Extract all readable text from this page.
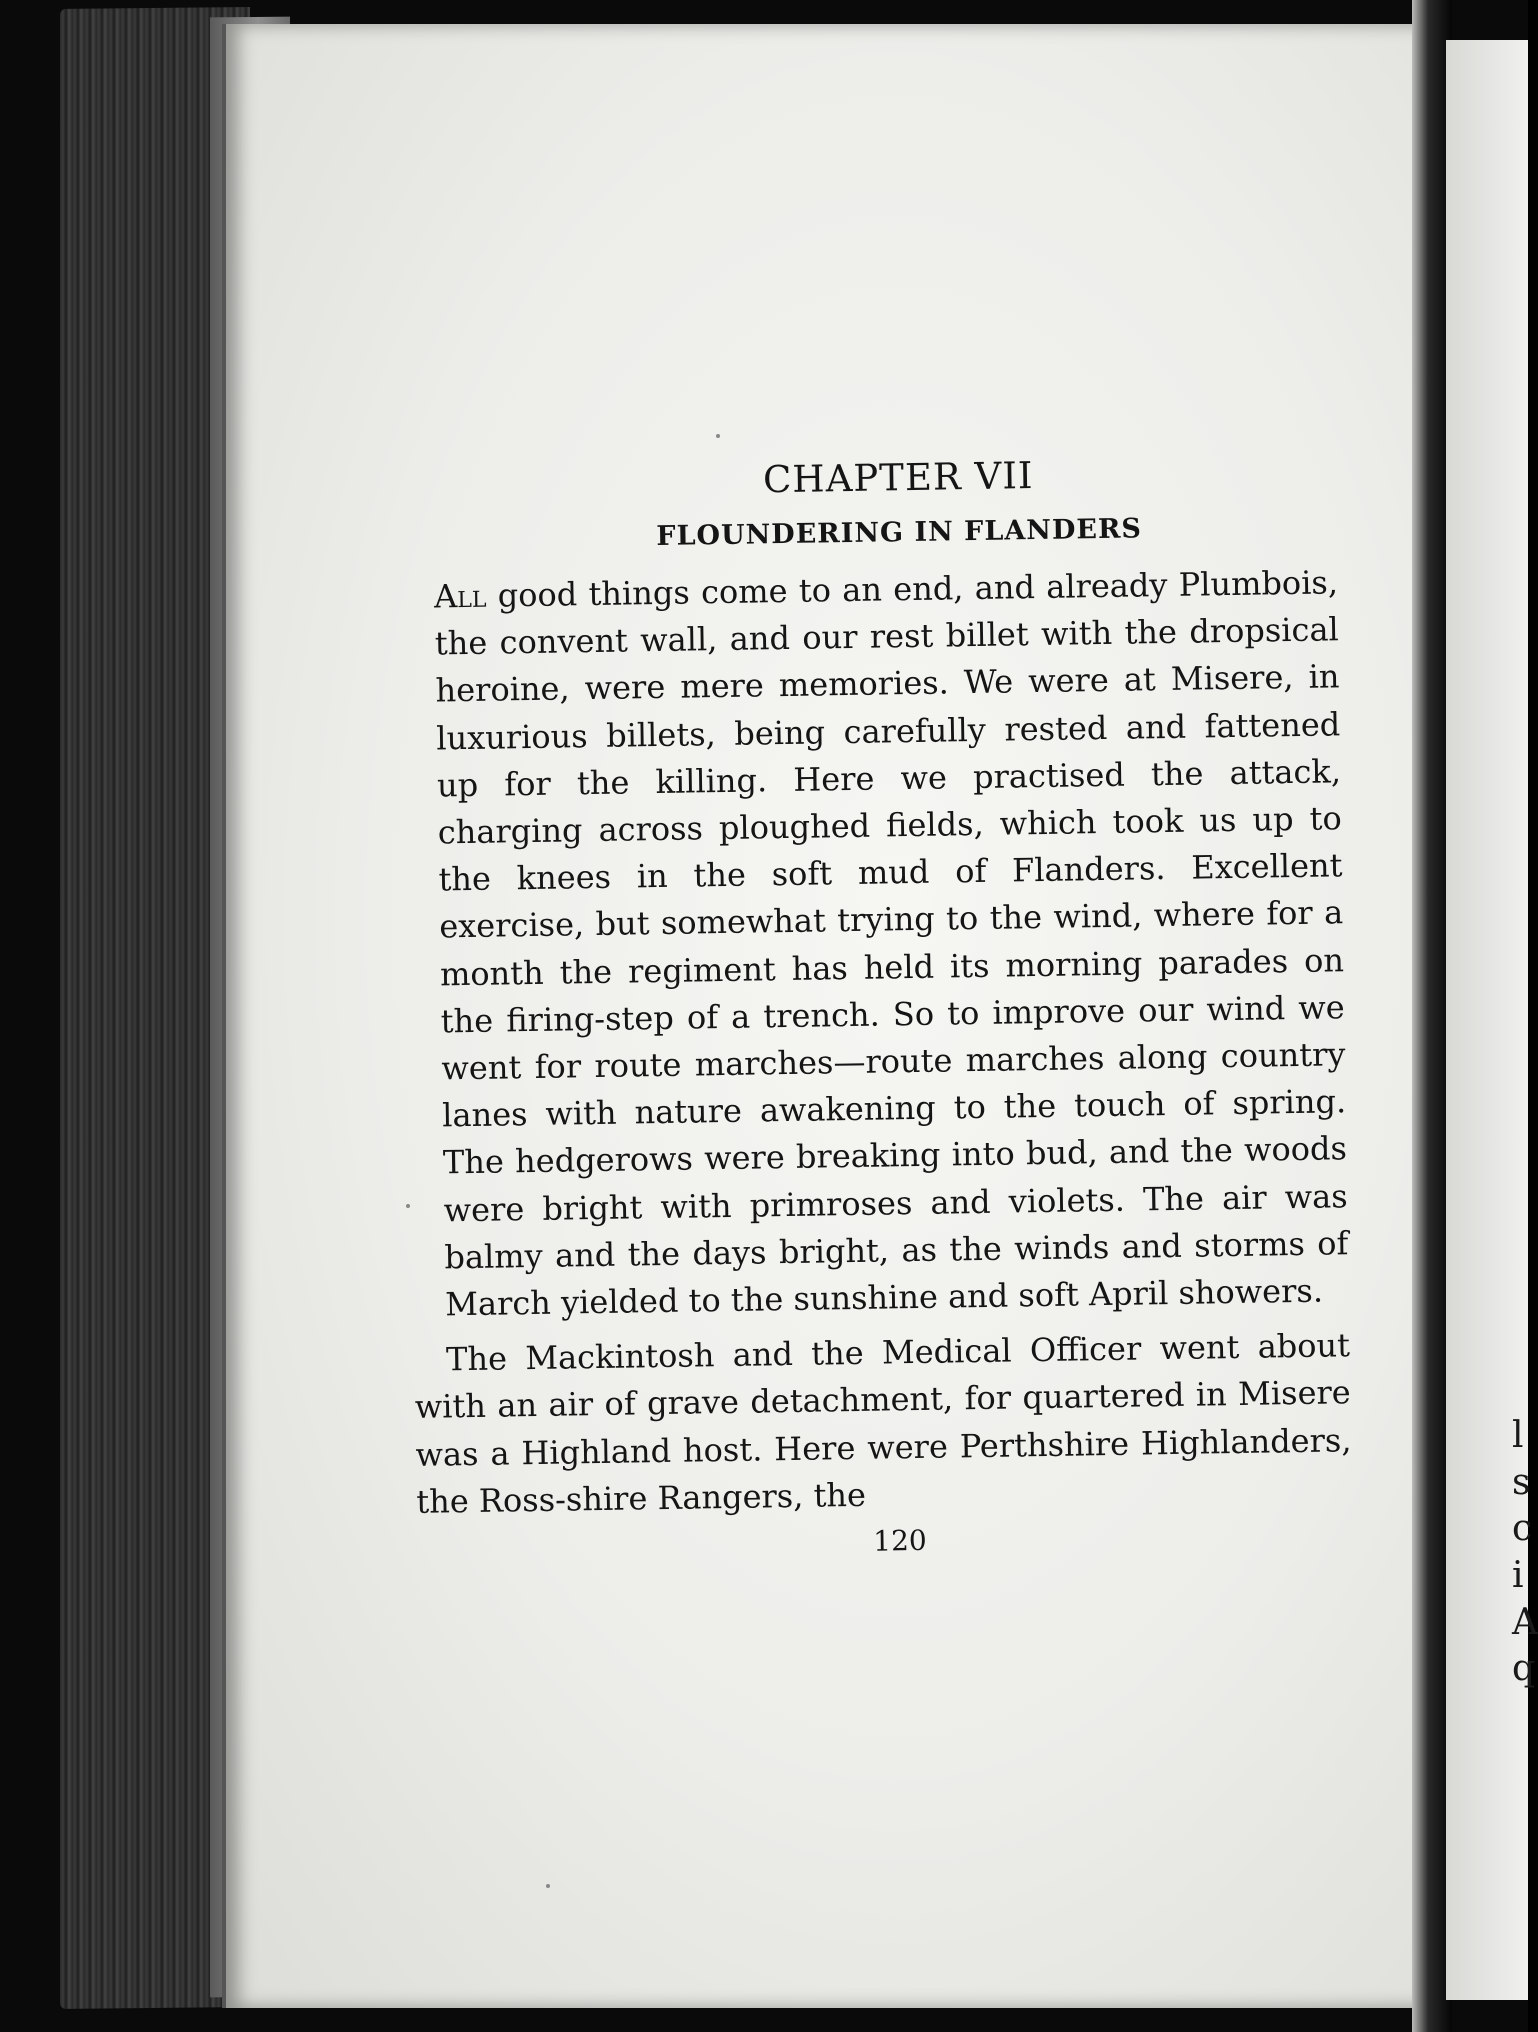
l
s
c
i
A
q
CHAPTER VII
FLOUNDERING IN FLANDERS

All good things come to an end, and already Plumbois, the convent wall, and our rest billet with the dropsical heroine, were mere memories. We were at Misere, in luxurious billets, being carefully rested and fattened up for the killing. Here we practised the attack, charging across ploughed fields, which took us up to the knees in the soft mud of Flanders. Excellent exercise, but somewhat trying to the wind, where for a month the regiment has held its morning parades on the firing-step of a trench. So to improve our wind we went for route marches—route marches along country lanes with nature awakening to the touch of spring. The hedgerows were breaking into bud, and the woods were bright with primroses and violets. The air was balmy and the days bright, as the winds and storms of March yielded to the sunshine and soft April showers.

The Mackintosh and the Medical Officer went about with an air of grave detachment, for quartered in Misere was a Highland host. Here were Perthshire Highlanders, the Ross-shire Rangers, the

120
